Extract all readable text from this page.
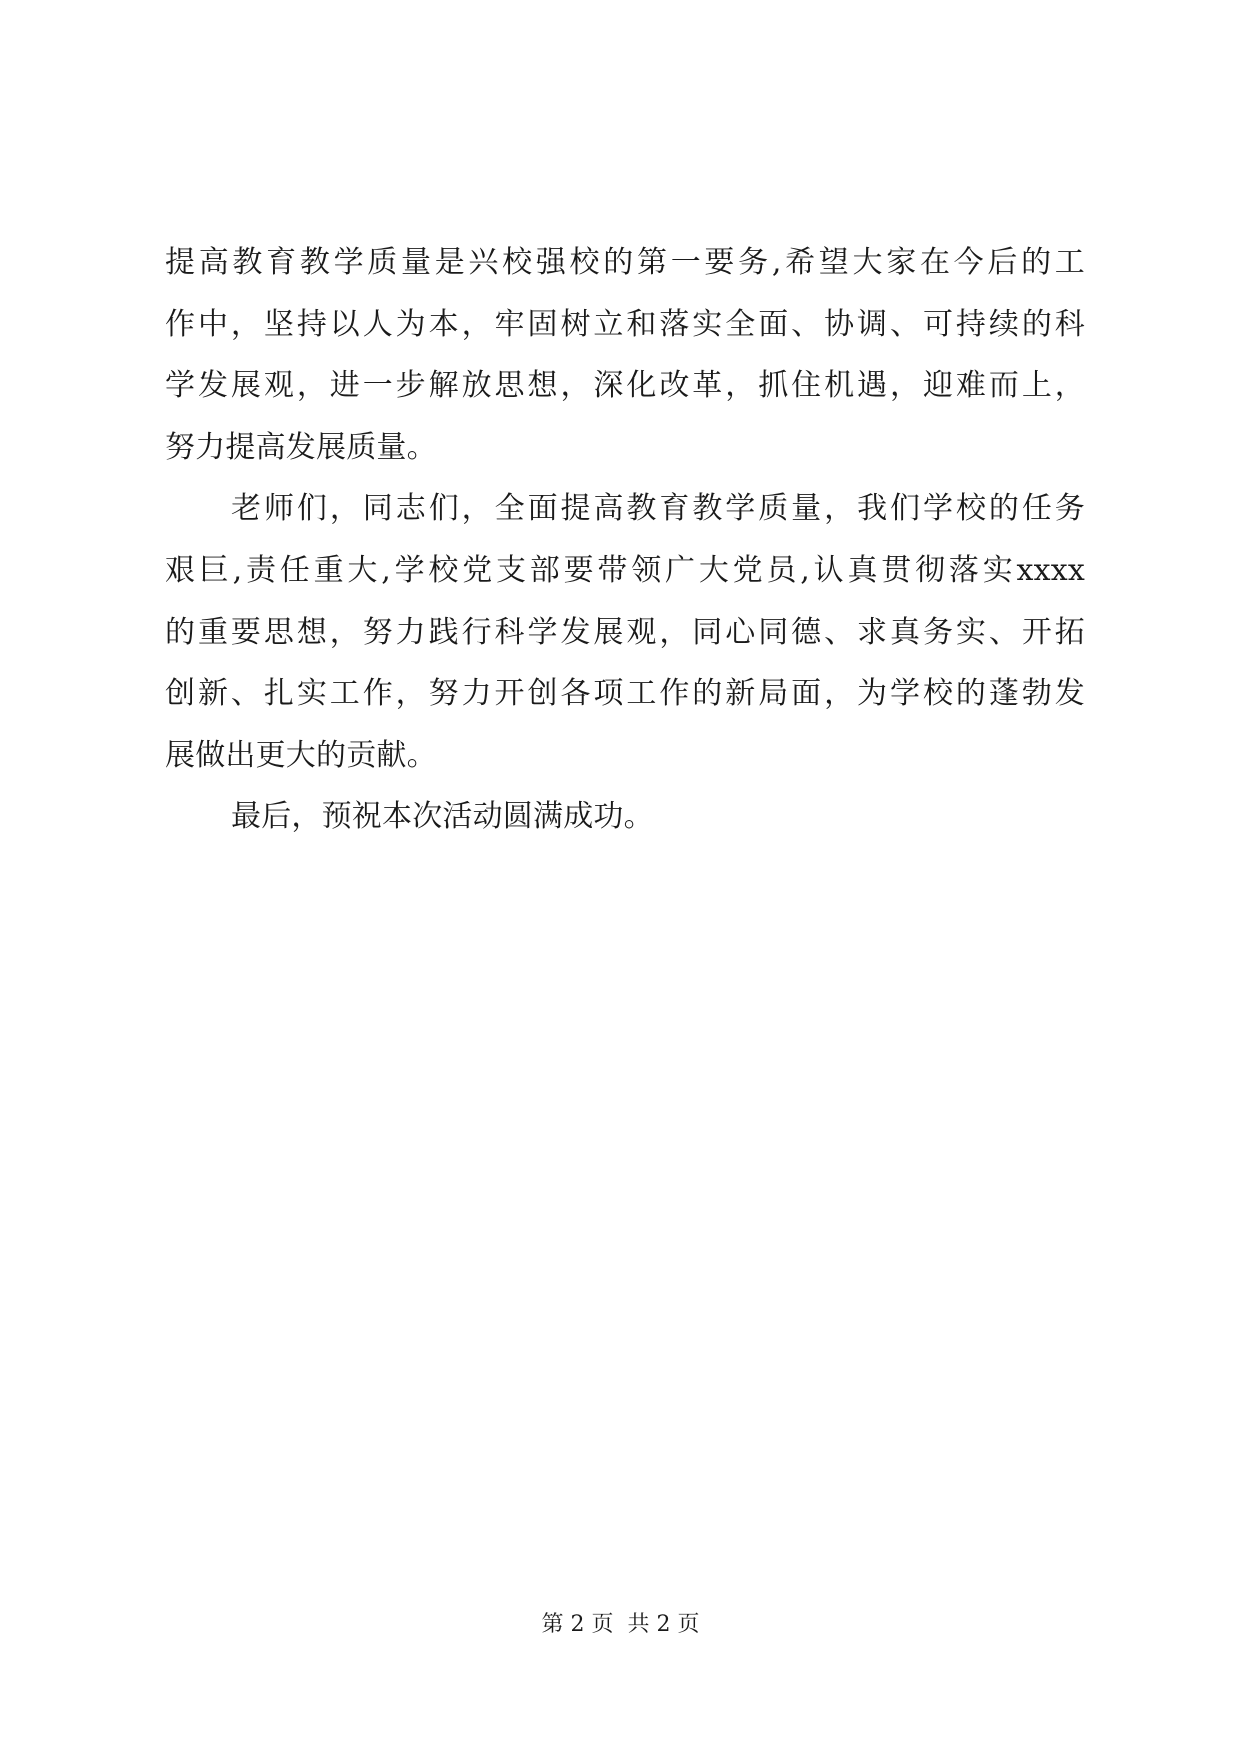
提高教育教学质量是兴校强校的第一要务,希望大家在今后的工
作中，坚持以人为本，牢固树立和落实全面、协调、可持续的科
学发展观，进一步解放思想，深化改革，抓住机遇，迎难而上，
努力提高发展质量。
老师们，同志们，全面提高教育教学质量，我们学校的任务
艰巨,责任重大,学校党支部要带领广大党员,认真贯彻落实xxxx
的重要思想，努力践行科学发展观，同心同德、求真务实、开拓
创新、扎实工作，努力开创各项工作的新局面，为学校的蓬勃发
展做出更大的贡献。
最后，预祝本次活动圆满成功。
第 2 页  共 2 页
